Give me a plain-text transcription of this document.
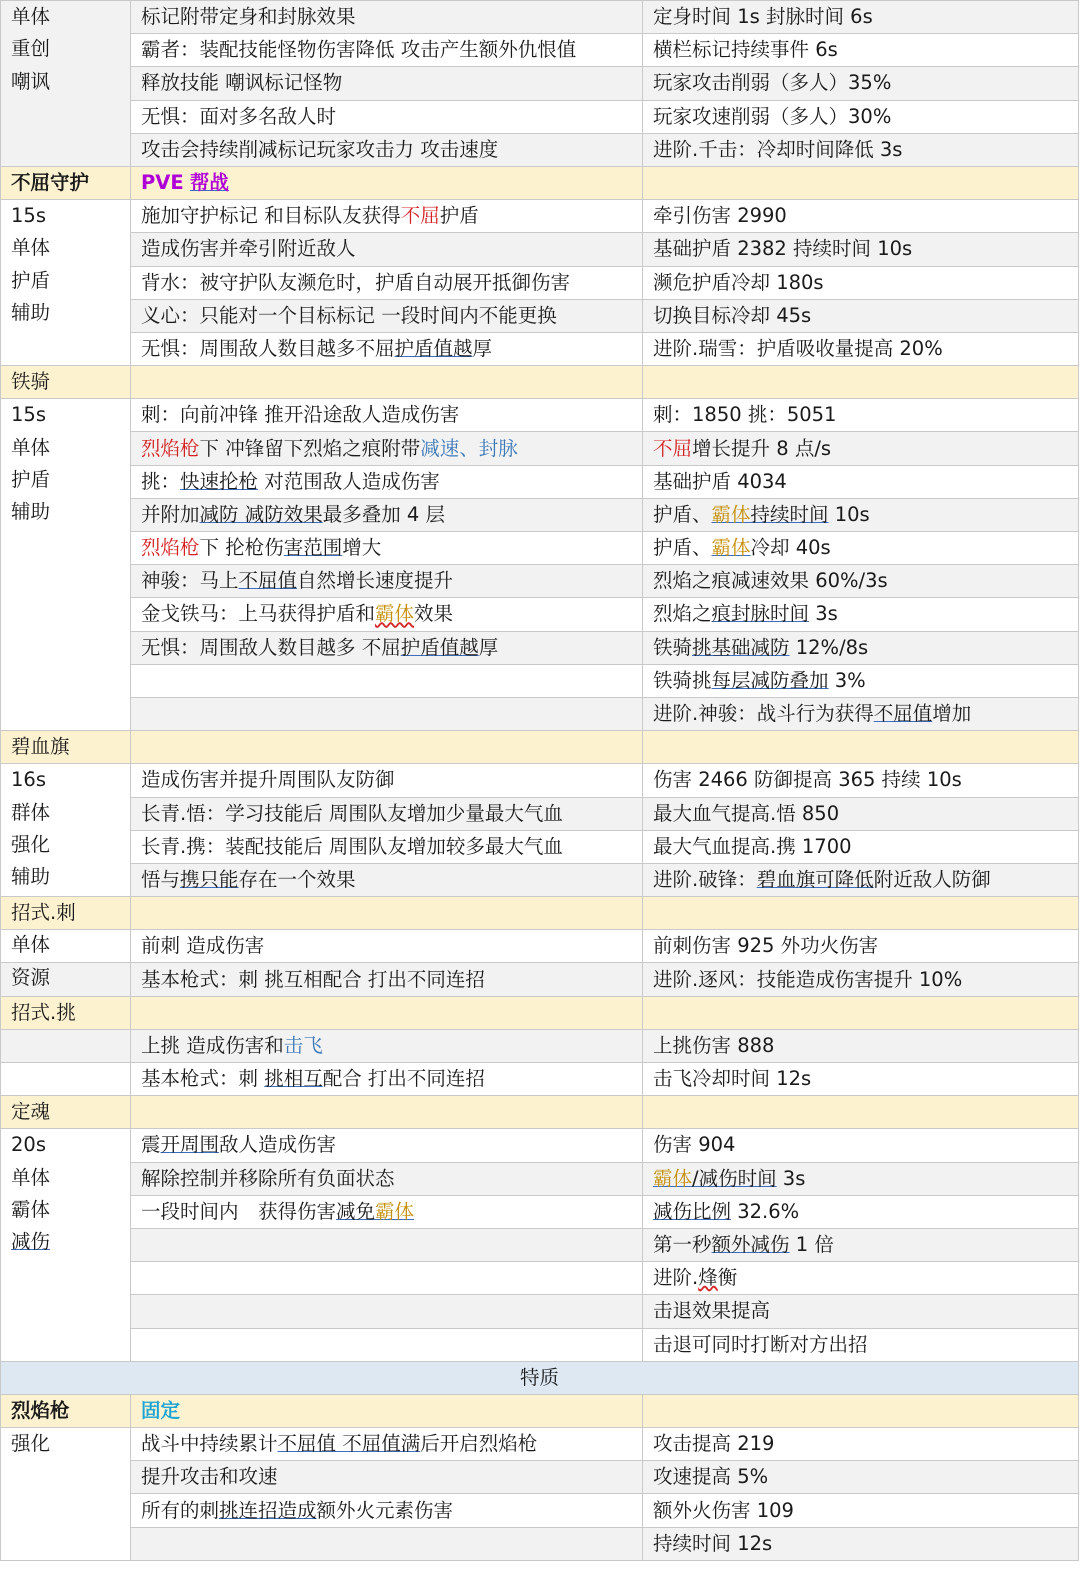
单体
重创
嘲讽	标记附带定身和封脉效果	定身时间 1s 封脉时间 6s
	霸者：装配技能怪物伤害降低 攻击产生额外仇恨值	横栏标记持续事件 6s
	释放技能 嘲讽标记怪物	玩家攻击削弱（多人）35%
	无惧：面对多名敌人时	玩家攻速削弱（多人）30%
	攻击会持续削减标记玩家攻击力 攻击速度	进阶.千击：冷却时间降低 3s
不屈守护	PVE 帮战	

15s
单体
护盾
辅助	施加守护标记 和目标队友获得不屈护盾	牵引伤害 2990
	造成伤害并牵引附近敌人	基础护盾 2382 持续时间 10s
	背水：被守护队友濒危时，护盾自动展开抵御伤害	濒危护盾冷却 180s
	义心：只能对一个目标标记 一段时间内不能更换	切换目标冷却 45s
	无惧：周围敌人数目越多不屈护盾值越厚	进阶.瑞雪：护盾吸收量提高 20%
铁骑		

15s
单体
护盾
辅助	刺：向前冲锋 推开沿途敌人造成伤害	刺：1850 挑：5051
	烈焰枪下 冲锋留下烈焰之痕附带减速、封脉	不屈增长提升 8 点/s
	挑：快速抡枪 对范围敌人造成伤害	基础护盾 4034
	并附加减防 减防效果最多叠加 4 层	护盾、霸体持续时间 10s
	烈焰枪下 抡枪伤害范围增大	护盾、霸体冷却 40s
	神骏：马上不屈值自然增长速度提升	烈焰之痕减速效果 60%/3s
	金戈铁马：上马获得护盾和霸体效果	烈焰之痕封脉时间 3s
	无惧：周围敌人数目越多 不屈护盾值越厚	铁骑挑基础减防 12%/8s
		铁骑挑每层减防叠加 3%
		进阶.神骏：战斗行为获得不屈值增加
碧血旗		

16s
群体
强化
辅助	造成伤害并提升周围队友防御	伤害 2466 防御提高 365 持续 10s
	长青.悟：学习技能后 周围队友增加少量最大气血	最大血气提高.悟 850
	长青.携：装配技能后 周围队友增加较多最大气血	最大气血提高.携 1700
	悟与携只能存在一个效果	进阶.破锋：碧血旗可降低附近敌人防御
招式.刺		
单体	前刺 造成伤害	前刺伤害 925 外功火伤害
资源	基本枪式：刺 挑互相配合 打出不同连招	进阶.逐风：技能造成伤害提升 10%
招式.挑		
	上挑 造成伤害和击飞	上挑伤害 888
	基本枪式：刺 挑相互配合 打出不同连招	击飞冷却时间 12s
定魂		

20s
单体
霸体
减伤	震开周围敌人造成伤害	伤害 904
	解除控制并移除所有负面状态	霸体/减伤时间 3s
	一段时间内　获得伤害减免霸体	减伤比例 32.6%
		第一秒额外减伤 1 倍
		进阶.烽衡
		击退效果提高
		击退可同时打断对方出招
特质		
烈焰枪	固定	

强化	战斗中持续累计不屈值 不屈值满后开启烈焰枪	攻击提高 219
	提升攻击和攻速	攻速提高 5%
	所有的刺挑连招造成额外火元素伤害	额外火伤害 109
		持续时间 12s
